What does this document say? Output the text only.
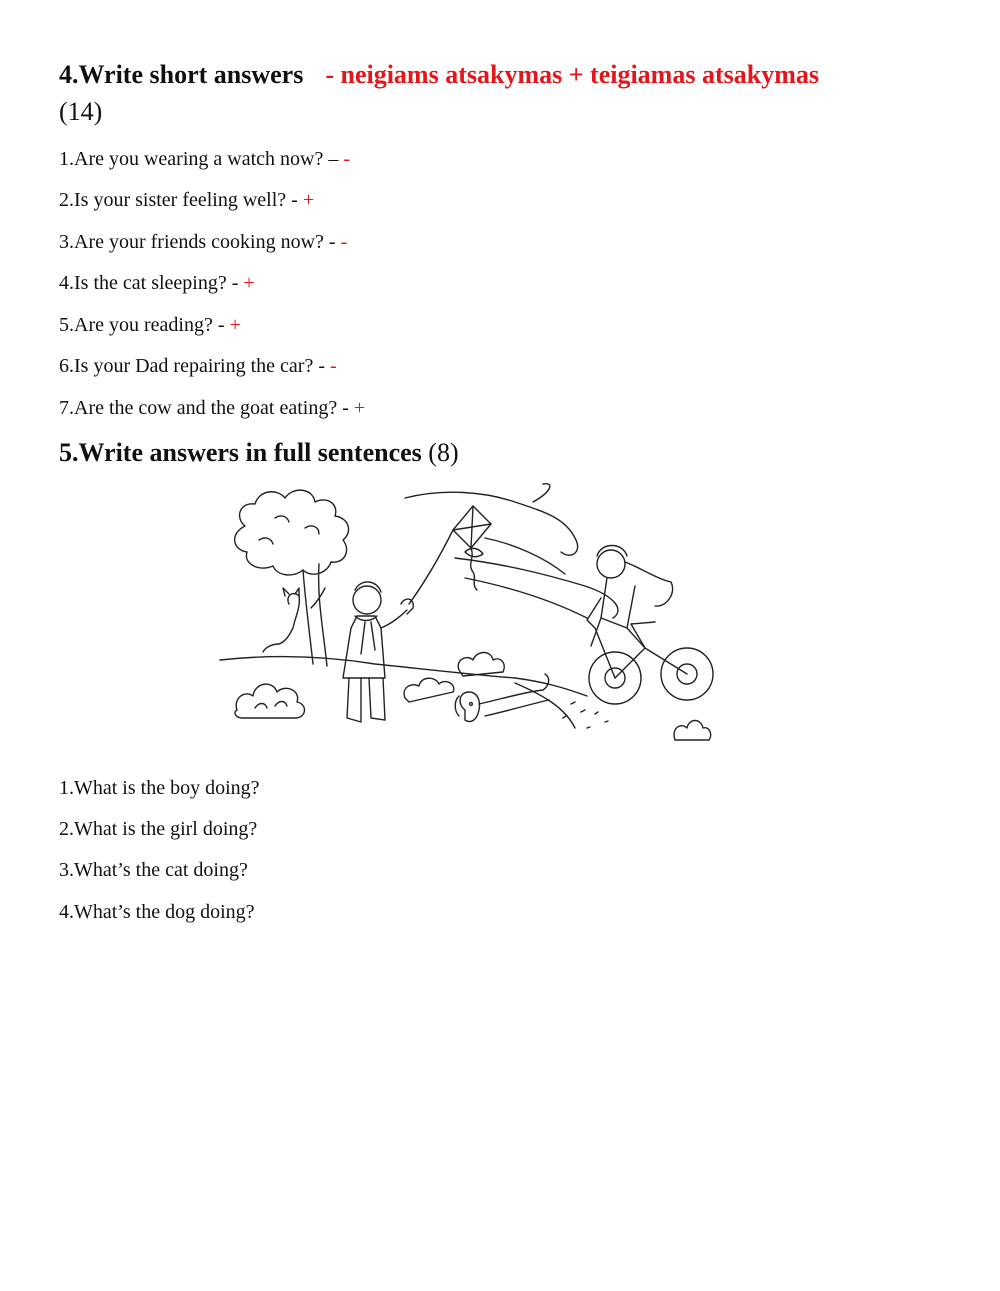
4.Write short answers - neigiams atsakymas + teigiamas atsakymas
(14)
1.Are you wearing a watch now? – -
2.Is your sister feeling well? - +
3.Are your friends cooking now? - -
4.Is the cat sleeping? - +
5.Are you reading? - +
6.Is your Dad repairing the car? - -
7.Are the cow and the goat eating? - +
5.Write answers in full sentences (8)
1.What is the boy doing?
2.What is the girl doing?
3.What’s the cat doing?
4.What’s the dog doing?
